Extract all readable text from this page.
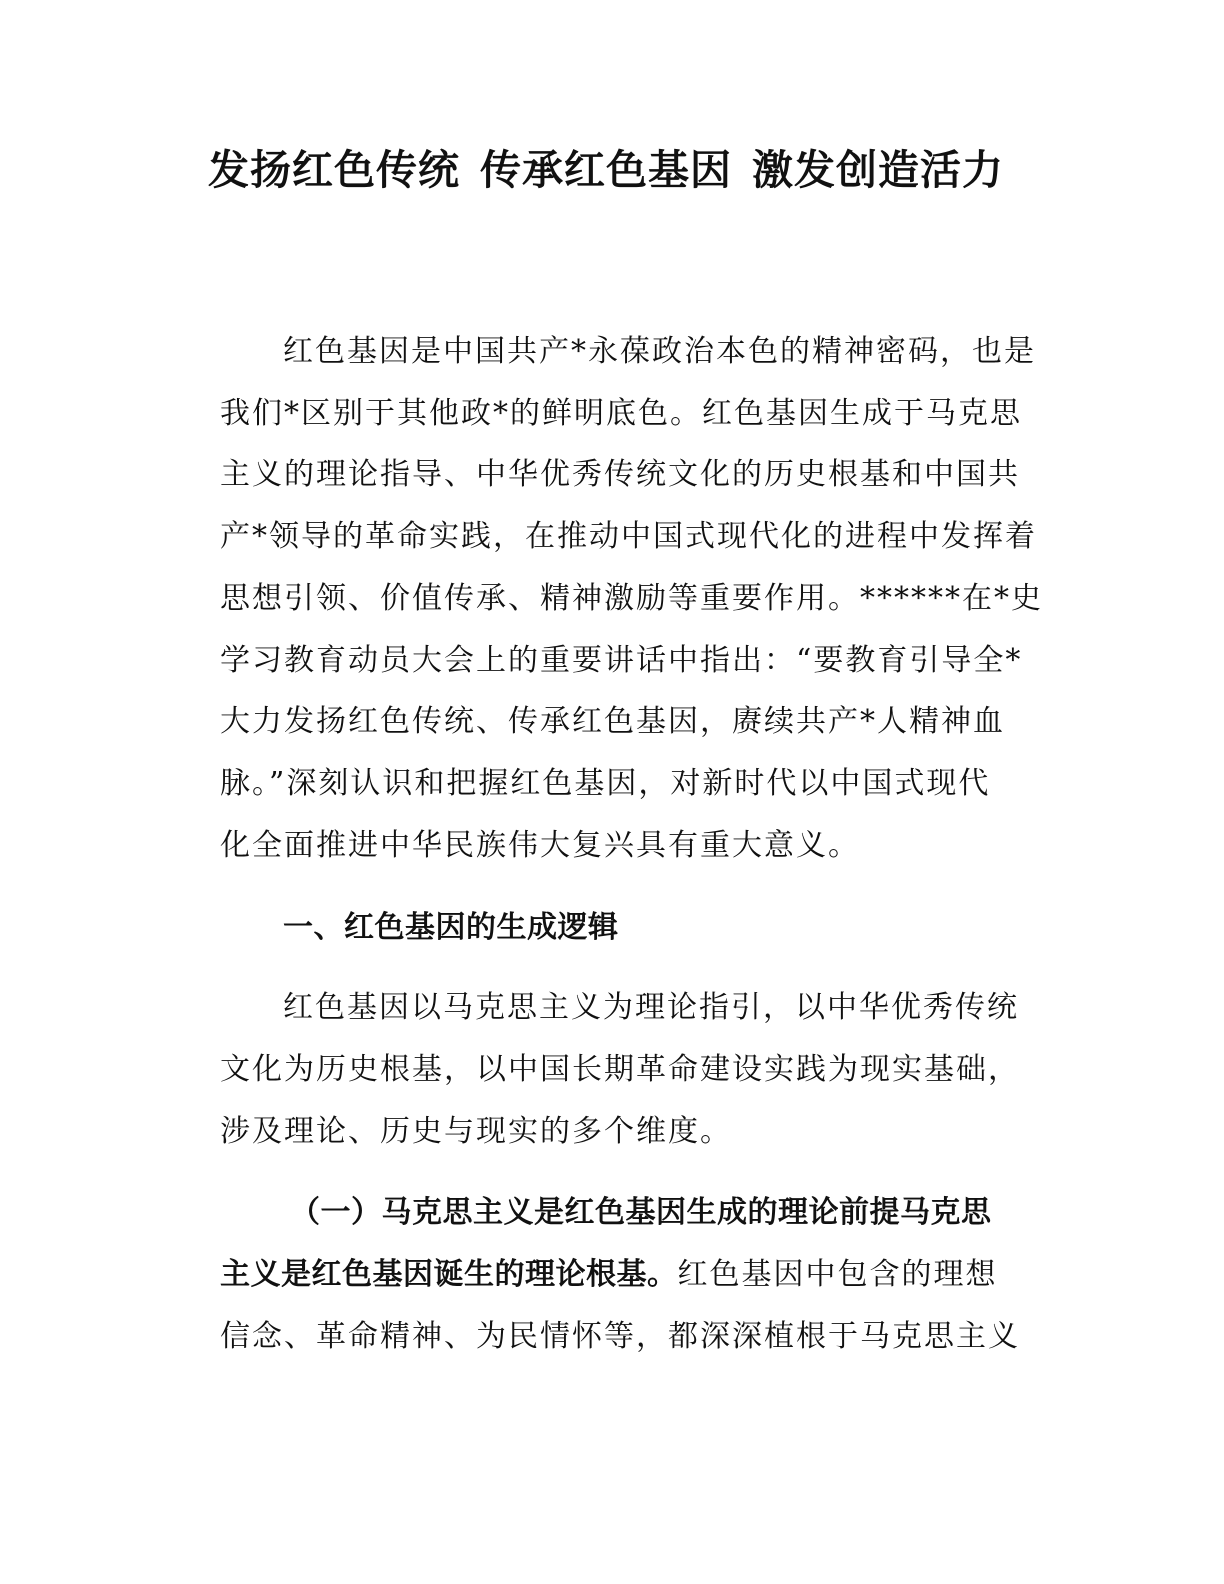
发扬红色传统 传承红色基因 激发创造活力
红色基因是中国共产*永葆政治本色的精神密码，也是
我们*区别于其他政*的鲜明底色。红色基因生成于马克思
主义的理论指导、中华优秀传统文化的历史根基和中国共
产*领导的革命实践，在推动中国式现代化的进程中发挥着
思想引领、价值传承、精神激励等重要作用。******在*史
学习教育动员大会上的重要讲话中指出：“要教育引导全*
大力发扬红色传统、传承红色基因，赓续共产*人精神血
脉。”深刻认识和把握红色基因，对新时代以中国式现代
化全面推进中华民族伟大复兴具有重大意义。
一、红色基因的生成逻辑
红色基因以马克思主义为理论指引，以中华优秀传统
文化为历史根基，以中国长期革命建设实践为现实基础，
涉及理论、历史与现实的多个维度。
（一）马克思主义是红色基因生成的理论前提马克思
主义是红色基因诞生的理论根基。红色基因中包含的理想
信念、革命精神、为民情怀等，都深深植根于马克思主义
